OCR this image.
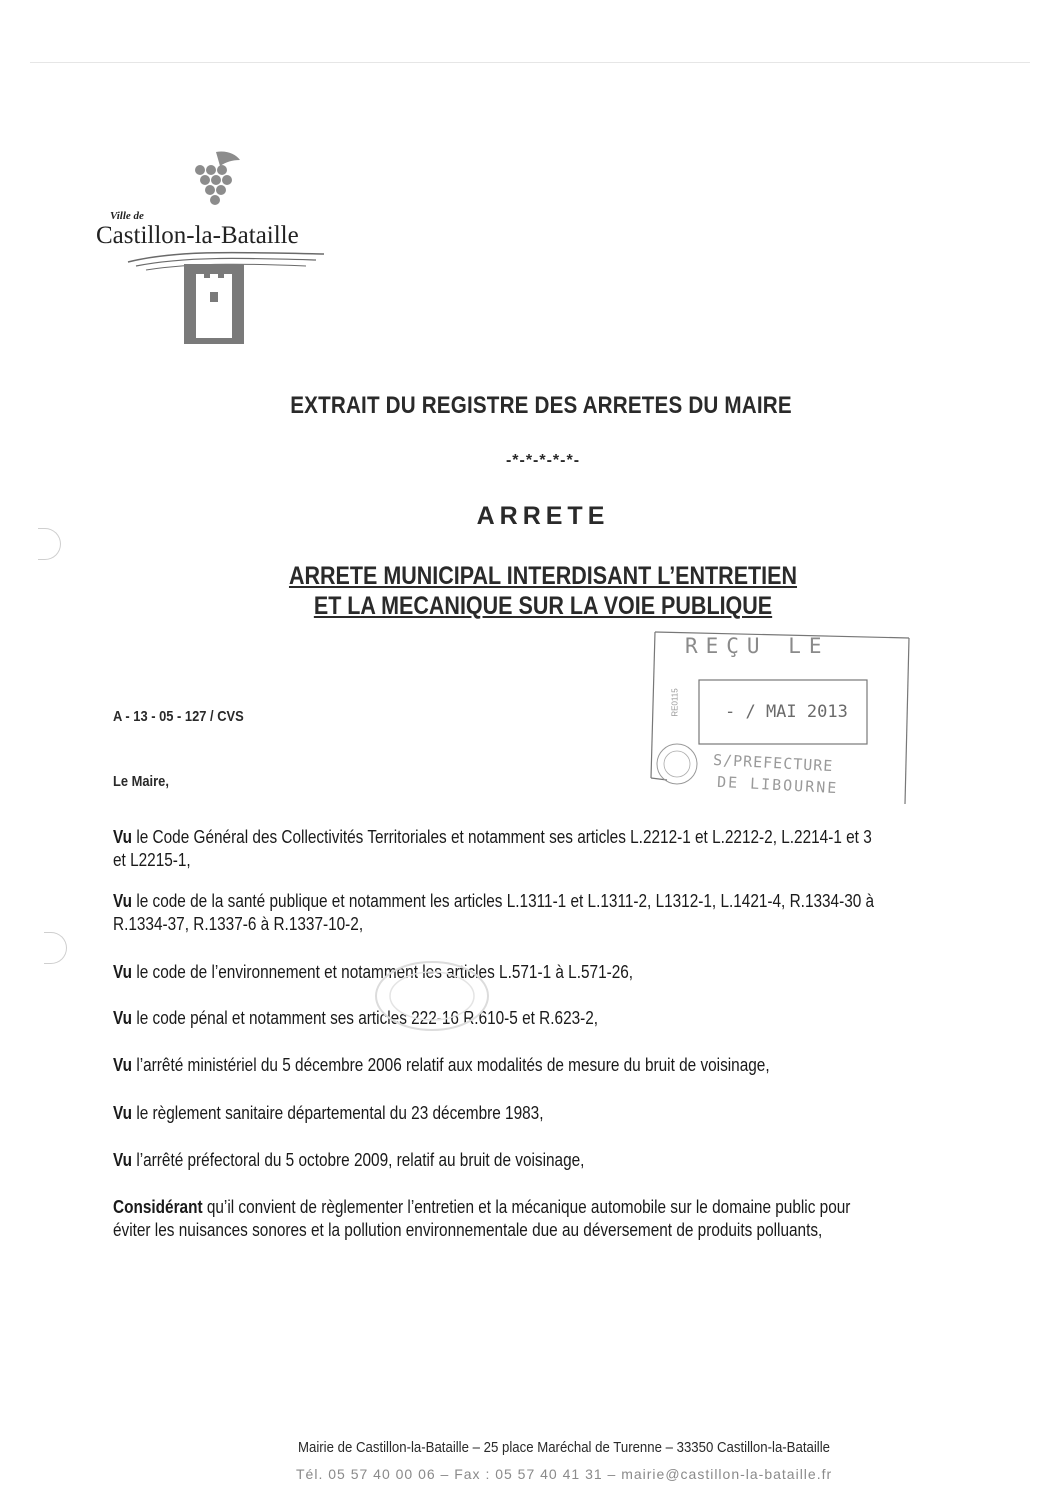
Ville de
Castillon-la-Bataille
EXTRAIT DU REGISTRE DES ARRETES DU MAIRE
-*-*-*-*-*-
ARRETE
ARRETE MUNICIPAL INTERDISANT L’ENTRETIEN
ET LA MECANIQUE SUR LA VOIE PUBLIQUE
RE0115
REÇU LE
- / MAI 2013
S/PREFECTURE
DE LIBOURNE
A - 13 - 05 - 127 / CVS
Le Maire,
Vu le Code Général des Collectivités Territoriales et notamment ses articles L.2212-1 et L.2212-2, L.2214-1 et 3
et L2215-1,
Vu le code de la santé publique et notamment les articles L.1311-1 et L.1311-2, L1312-1, L.1421-4, R.1334-30 à
R.1334-37, R.1337-6 à R.1337-10-2,
Vu le code de l’environnement et notamment les articles L.571-1 à L.571-26,
Vu le code pénal et notamment ses articles 222-16 R.610-5 et R.623-2,
Vu l’arrêté ministériel du 5 décembre 2006 relatif aux modalités de mesure du bruit de voisinage,
Vu le règlement sanitaire départemental du 23 décembre 1983,
Vu l’arrêté préfectoral du 5 octobre 2009, relatif au bruit de voisinage,
Considérant qu’il convient de règlementer l’entretien et la mécanique automobile sur le domaine public pour
éviter les nuisances sonores et la pollution environnementale due au déversement de produits polluants,
Mairie de Castillon-la-Bataille – 25 place Maréchal de Turenne – 33350 Castillon-la-Bataille
Tél. 05 57 40 00 06 – Fax : 05 57 40 41 31 – mairie@castillon-la-bataille.fr
